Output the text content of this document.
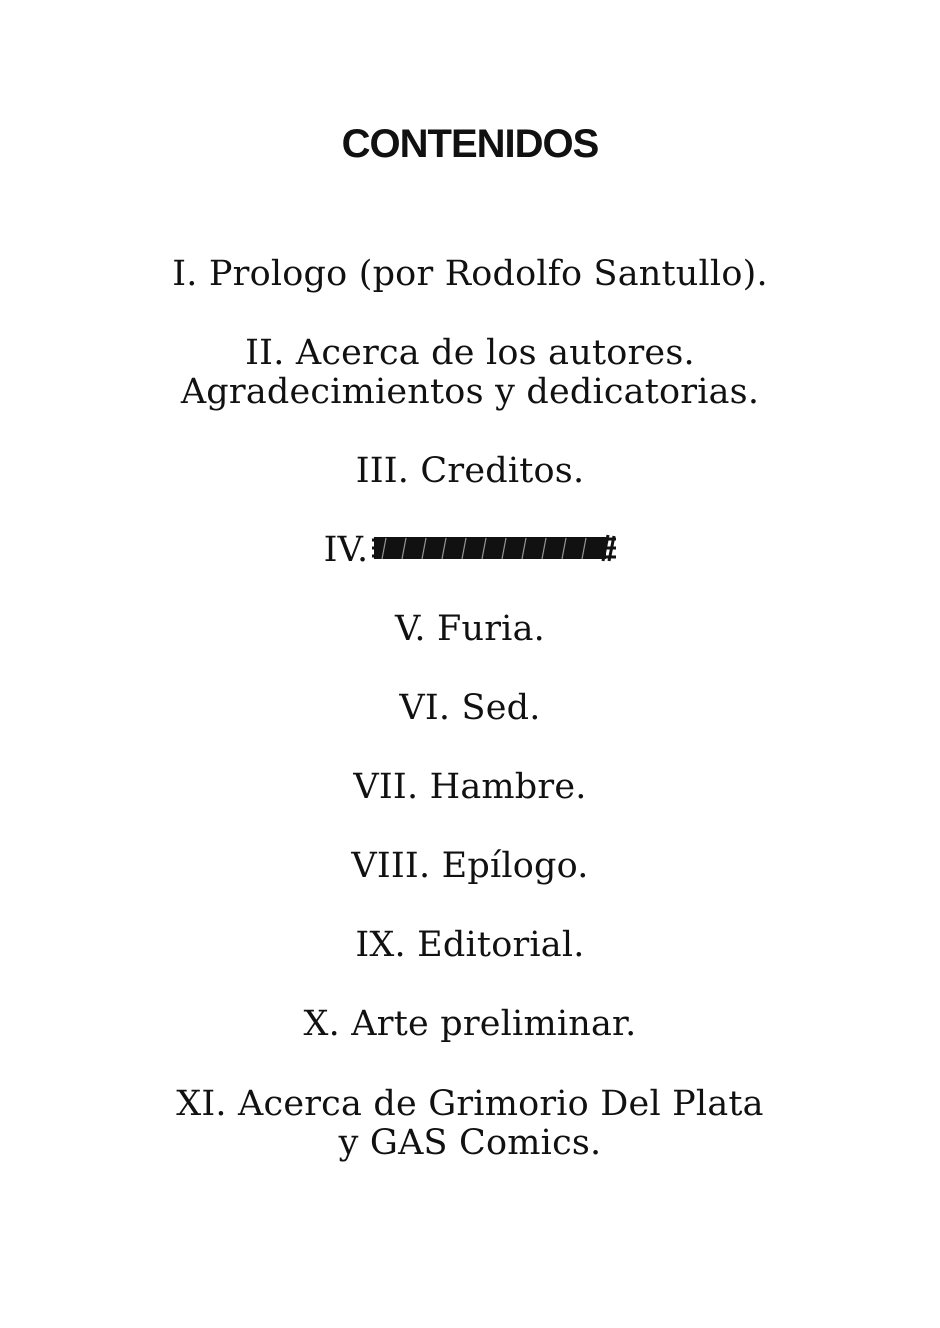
CONTENIDOS
I. Prologo (por Rodolfo Santullo).
II. Acerca de los autores.
Agradecimientos y dedicatorias.
III. Creditos.
IV.
V. Furia.
VI. Sed.
VII. Hambre.
VIII. Epílogo.
IX. Editorial.
X. Arte preliminar.
XI. Acerca de Grimorio Del Plata
y GAS Comics.
